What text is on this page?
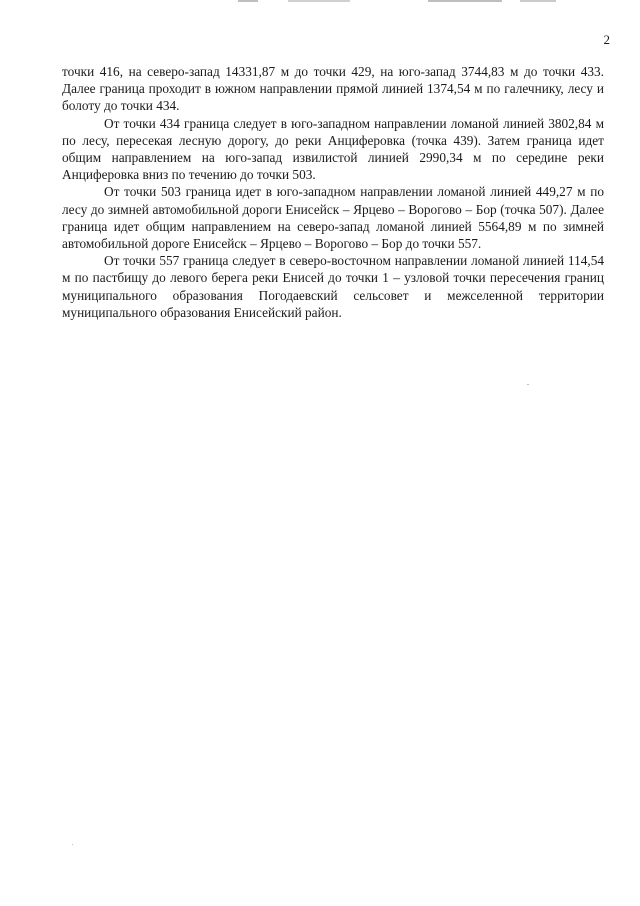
2

точки 416, на северо-запад 14331,87 м до точки 429, на юго-запад 3744,83 м до точки 433. Далее граница проходит в южном направлении прямой линией 1374,54 м по галечнику, лесу и болоту до точки 434.

От точки 434 граница следует в юго-западном направлении ломаной линией 3802,84 м по лесу, пересекая лесную дорогу, до реки Анциферовка (точка 439). Затем граница идет общим направлением на юго-запад извилистой линией 2990,34 м по середине реки Анциферовка вниз по течению до точки 503.

От точки 503 граница идет в юго-западном направлении ломаной линией 449,27 м по лесу до зимней автомобильной дороги Енисейск – Ярцево – Ворогово – Бор (точка 507). Далее граница идет общим направлением на северо-запад ломаной линией 5564,89 м по зимней автомобильной дороге Енисейск – Ярцево – Ворогово – Бор до точки 557.

От точки 557 граница следует в северо-восточном направлении ломаной линией 114,54 м по пастбищу до левого берега реки Енисей до точки 1 – узловой точки пересечения границ муниципального образования Погодаевский сельсовет и межселенной территории муниципального образования Енисейский район.
